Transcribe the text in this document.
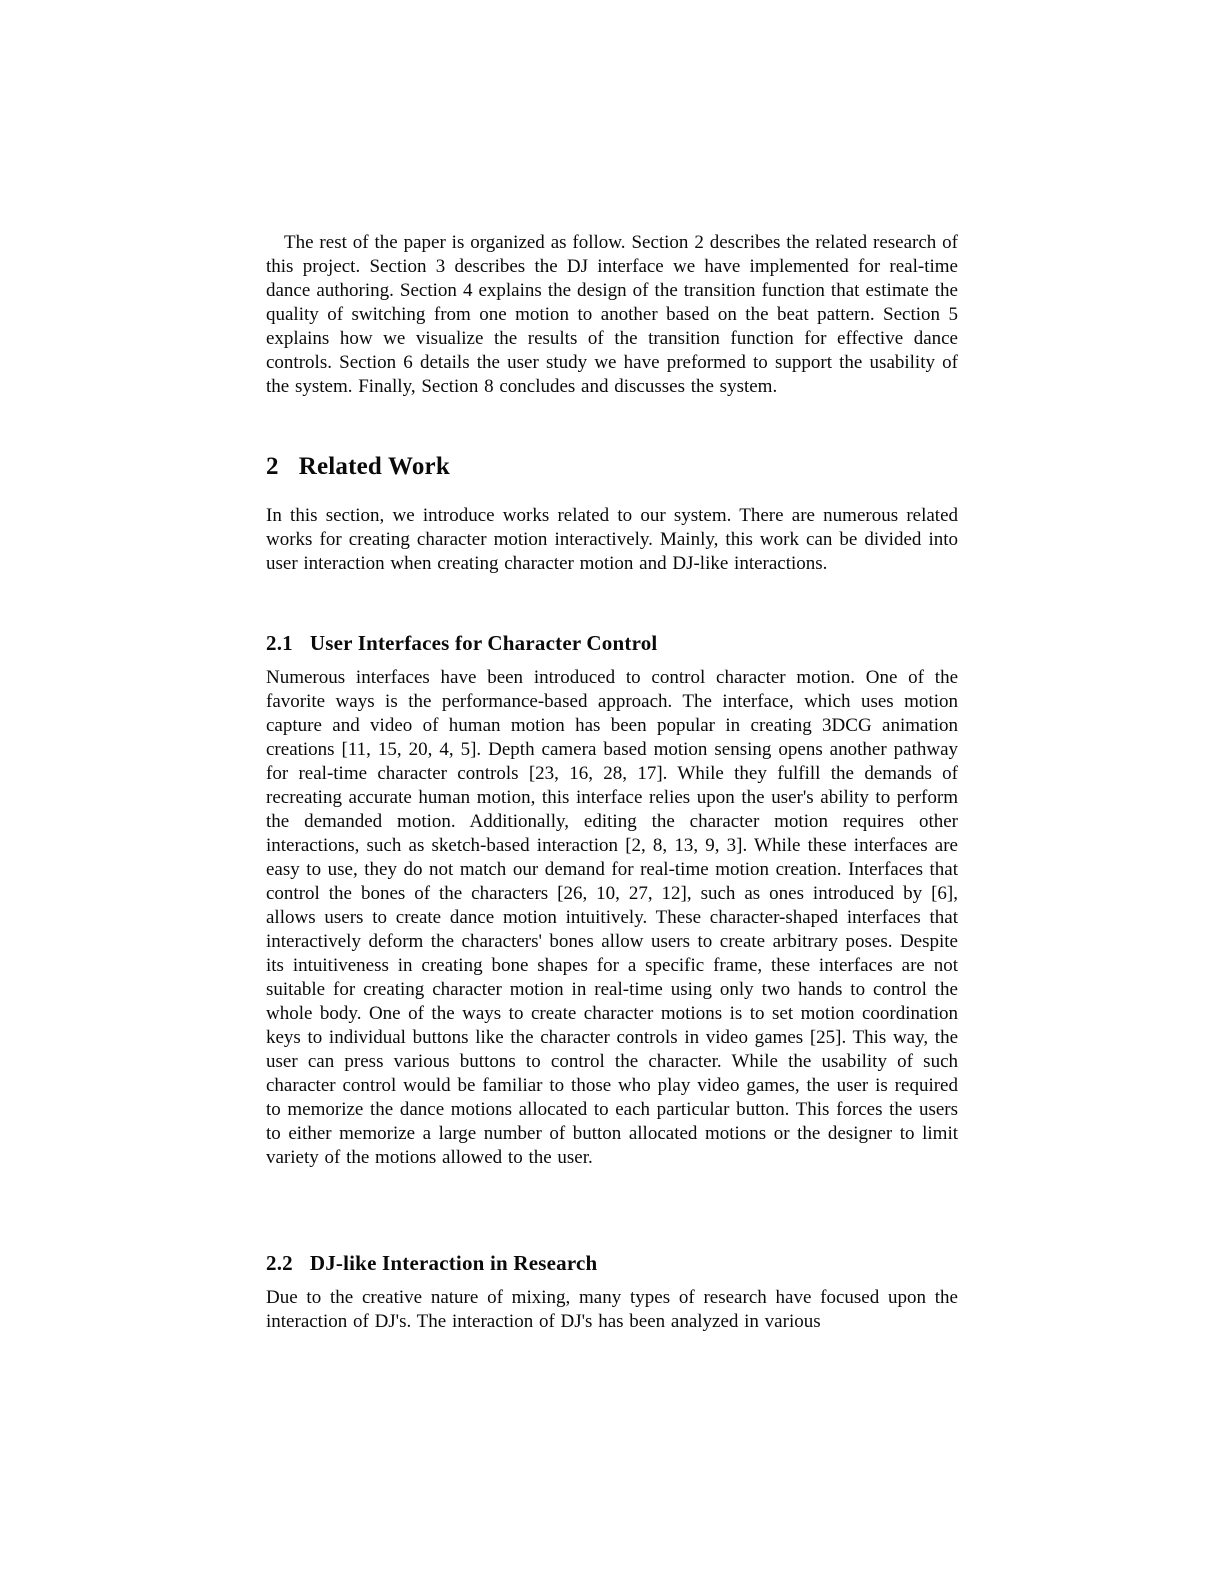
The rest of the paper is organized as follow. Section 2 describes the related research of this project. Section 3 describes the DJ interface we have implemented for real-time dance authoring. Section 4 explains the design of the transition function that estimate the quality of switching from one motion to another based on the beat pattern. Section 5 explains how we visualize the results of the transition function for effective dance controls. Section 6 details the user study we have preformed to support the usability of the system. Finally, Section 8 concludes and discusses the system.

2 Related Work

In this section, we introduce works related to our system. There are numerous related works for creating character motion interactively. Mainly, this work can be divided into user interaction when creating character motion and DJ-like interactions.

2.1 User Interfaces for Character Control

Numerous interfaces have been introduced to control character motion. One of the favorite ways is the performance-based approach. The interface, which uses motion capture and video of human motion has been popular in creating 3DCG animation creations [11, 15, 20, 4, 5]. Depth camera based motion sensing opens another pathway for real-time character controls [23, 16, 28, 17]. While they fulfill the demands of recreating accurate human motion, this interface relies upon the user's ability to perform the demanded motion. Additionally, editing the character motion requires other interactions, such as sketch-based interaction [2, 8, 13, 9, 3]. While these interfaces are easy to use, they do not match our demand for real-time motion creation. Interfaces that control the bones of the characters [26, 10, 27, 12], such as ones introduced by [6], allows users to create dance motion intuitively. These character-shaped interfaces that interactively deform the characters' bones allow users to create arbitrary poses. Despite its intuitiveness in creating bone shapes for a specific frame, these interfaces are not suitable for creating character motion in real-time using only two hands to control the whole body. One of the ways to create character motions is to set motion coordination keys to individual buttons like the character controls in video games [25]. This way, the user can press various buttons to control the character. While the usability of such character control would be familiar to those who play video games, the user is required to memorize the dance motions allocated to each particular button. This forces the users to either memorize a large number of button allocated motions or the designer to limit variety of the motions allowed to the user.

2.2 DJ-like Interaction in Research

Due to the creative nature of mixing, many types of research have focused upon the interaction of DJ's. The interaction of DJ's has been analyzed in various
